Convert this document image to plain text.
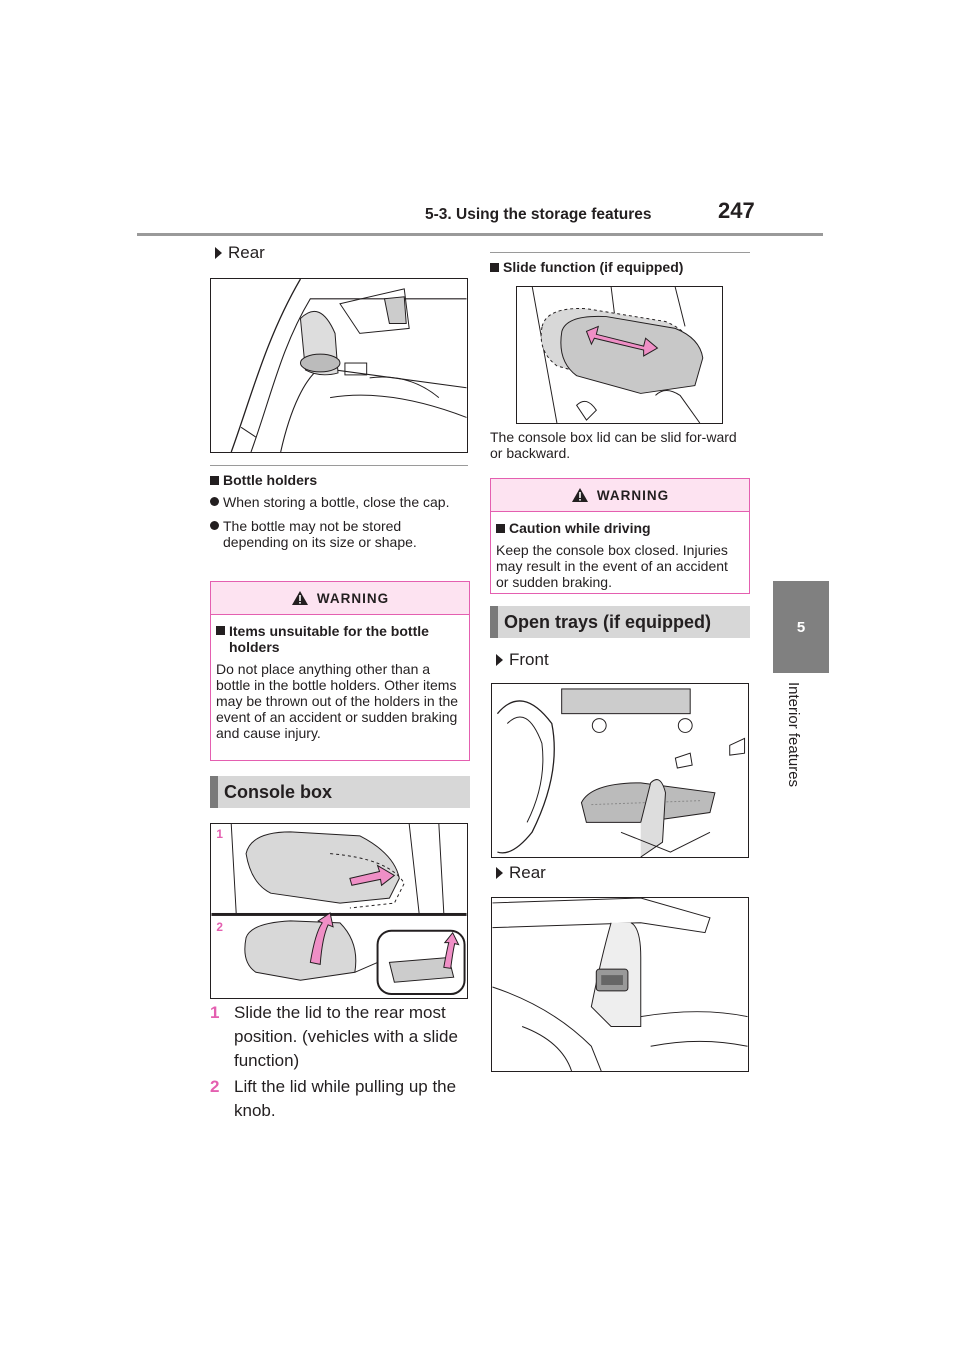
5-3. Using the storage features	247
5
Interior features
Rear
Bottle holders
When storing a bottle, close the cap.
The bottle may not be stored depending on its size or shape.
WARNING
Items unsuitable for the bottle holders

Do not place anything other than a bottle in the bottle holders. Other items may be thrown out of the holders in the event of an accident or sudden braking and cause injury.

Console box
1
2
1 Slide the lid to the rear most position. (vehicles with a slide function)
2 Lift the lid while pulling up the knob.
Slide function (if equipped)

The console box lid can be slid for-ward or backward.

WARNING
Caution while driving

Keep the console box closed. Injuries may result in the event of an accident or sudden braking.

Open trays (if equipped)
Front
Rear
